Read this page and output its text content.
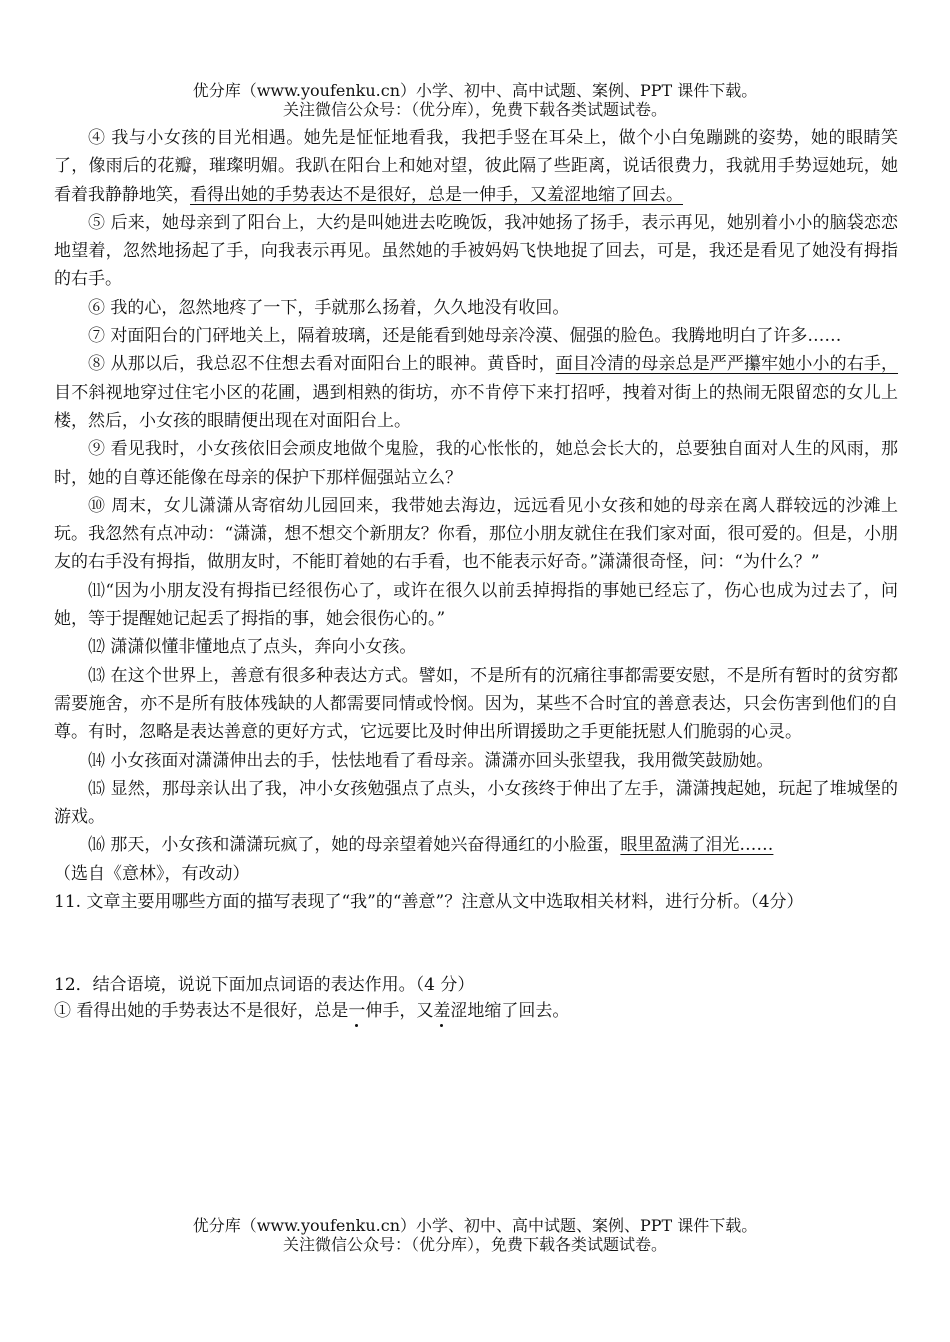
优分库（www.youfenku.cn）小学、初中、高中试题、案例、PPT 课件下载。
关注微信公众号：（优分库），免费下载各类试题试卷。

④ 我与小女孩的目光相遇。她先是怔怔地看我，我把手竖在耳朵上，做个小白兔蹦跳的姿势，她的眼睛笑了，像雨后的花瓣，璀璨明媚。我趴在阳台上和她对望，彼此隔了些距离，说话很费力，我就用手势逗她玩，她看着我静静地笑，看得出她的手势表达不是很好，总是一伸手，又羞涩地缩了回去。

⑤ 后来，她母亲到了阳台上，大约是叫她进去吃晚饭，我冲她扬了扬手，表示再见，她别着小小的脑袋恋恋地望着，忽然地扬起了手，向我表示再见。虽然她的手被妈妈飞快地捉了回去，可是，我还是看见了她没有拇指的右手。

⑥ 我的心，忽然地疼了一下，手就那么扬着，久久地没有收回。

⑦ 对面阳台的门砰地关上，隔着玻璃，还是能看到她母亲冷漠、倔强的脸色。我腾地明白了许多……

⑧ 从那以后，我总忍不住想去看对面阳台上的眼神。黄昏时，面目冷清的母亲总是严严攥牢她小小的右手，目不斜视地穿过住宅小区的花圃，遇到相熟的街坊，亦不肯停下来打招呼，拽着对街上的热闹无限留恋的女儿上楼，然后，小女孩的眼睛便出现在对面阳台上。

⑨ 看见我时，小女孩依旧会顽皮地做个鬼脸，我的心怅怅的，她总会长大的，总要独自面对人生的风雨，那时，她的自尊还能像在母亲的保护下那样倔强站立么？

⑩ 周末，女儿潇潇从寄宿幼儿园回来，我带她去海边，远远看见小女孩和她的母亲在离人群较远的沙滩上玩。我忽然有点冲动：“潇潇，想不想交个新朋友？你看，那位小朋友就住在我们家对面，很可爱的。但是，小朋友的右手没有拇指，做朋友时，不能盯着她的右手看，也不能表示好奇。”潇潇很奇怪，问：“为什么？”

⑾“因为小朋友没有拇指已经很伤心了，或许在很久以前丢掉拇指的事她已经忘了，伤心也成为过去了，问她，等于提醒她记起丢了拇指的事，她会很伤心的。”

⑿ 潇潇似懂非懂地点了点头，奔向小女孩。

⒀ 在这个世界上，善意有很多种表达方式。譬如，不是所有的沉痛往事都需要安慰，不是所有暂时的贫穷都需要施舍，亦不是所有肢体残缺的人都需要同情或怜悯。因为，某些不合时宜的善意表达，只会伤害到他们的自尊。有时，忽略是表达善意的更好方式，它远要比及时伸出所谓援助之手更能抚慰人们脆弱的心灵。

⒁ 小女孩面对潇潇伸出去的手，怯怯地看了看母亲。潇潇亦回头张望我，我用微笑鼓励她。

⒂ 显然，那母亲认出了我，冲小女孩勉强点了点头，小女孩终于伸出了左手，潇潇拽起她，玩起了堆城堡的游戏。

⒃ 那天，小女孩和潇潇玩疯了，她的母亲望着她兴奋得通红的小脸蛋，眼里盈满了泪光……

（选自《意林》，有改动）

11. 文章主要用哪些方面的描写表现了“我”的“善意”？注意从文中选取相关材料，进行分析。（4分）

12．结合语境，说说下面加点词语的表达作用。（4 分）

① 看得出她的手势表达不是很好，总是一伸手，又羞涩地缩了回去。

优分库（www.youfenku.cn）小学、初中、高中试题、案例、PPT 课件下载。
关注微信公众号：（优分库），免费下载各类试题试卷。
